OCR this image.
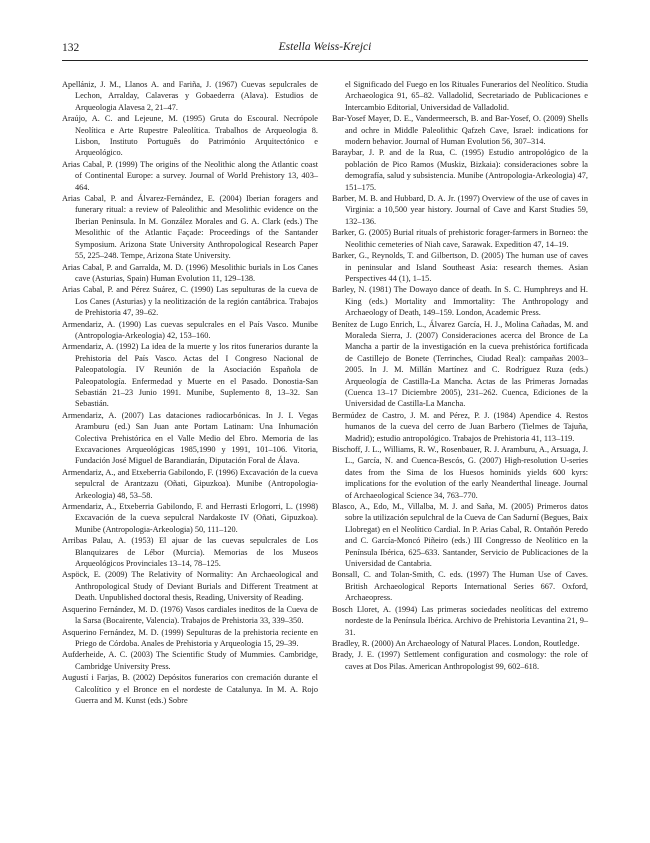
132	Estella Weiss-Krejci

Apellániz, J. M., Llanos A. and Fariña, J. (1967) Cuevas sepulcrales de Lechon, Arralday, Calaveras y Gobaederra (Alava). Estudios de Arqueologia Alavesa 2, 21–47.

Araújo, A. C. and Lejeune, M. (1995) Gruta do Escoural. Necrópole Neolítica e Arte Rupestre Paleolítica. Trabalhos de Arqueologia 8. Lisbon, Instituto Português do Património Arquitectónico e Arqueológico.

Arias Cabal, P. (1999) The origins of the Neolithic along the Atlantic coast of Continental Europe: a survey. Journal of World Prehistory 13, 403–464.

Arias Cabal, P. and Álvarez-Fernández, E. (2004) Iberian foragers and funerary ritual: a review of Paleolithic and Mesolithic evidence on the Iberian Peninsula. In M. González Morales and G. A. Clark (eds.) The Mesolithic of the Atlantic Façade: Proceedings of the Santander Symposium. Arizona State University Anthropological Research Paper 55, 225–248. Tempe, Arizona State University.

Arias Cabal, P. and Garralda, M. D. (1996) Mesolithic burials in Los Canes cave (Asturias, Spain) Human Evolution 11, 129–138.

Arias Cabal, P. and Pérez Suárez, C. (1990) Las sepulturas de la cueva de Los Canes (Asturias) y la neolitización de la región cantábrica. Trabajos de Prehistoria 47, 39–62.

Armendariz, A. (1990) Las cuevas sepulcrales en el País Vasco. Munibe (Antropologia-Arkeologia) 42, 153–160.

Armendariz, A. (1992) La idea de la muerte y los ritos funerarios durante la Prehistoria del País Vasco. Actas del I Congreso Nacional de Paleopatología. IV Reunión de la Asociación Española de Paleopatología. Enfermedad y Muerte en el Pasado. Donostia-San Sebastián 21–23 Junio 1991. Munibe, Suplemento 8, 13–32. San Sebastián.

Armendariz, A. (2007) Las dataciones radiocarbónicas. In J. I. Vegas Aramburu (ed.) San Juan ante Portam Latinam: Una Inhumación Colectiva Prehistórica en el Valle Medio del Ebro. Memoria de las Excavaciones Arqueológicas 1985,1990 y 1991, 101–106. Vitoria, Fundación José Miguel de Barandiarán, Diputación Foral de Álava.

Armendariz, A., and Etxeberria Gabilondo, F. (1996) Excavación de la cueva sepulcral de Arantzazu (Oñati, Gipuzkoa). Munibe (Antropologia-Arkeologia) 48, 53–58.

Armendariz, A., Etxeberria Gabilondo, F. and Herrasti Erlogorri, L. (1998) Excavación de la cueva sepulcral Nardakoste IV (Oñati, Gipuzkoa). Munibe (Antropologia-Arkeologia) 50, 111–120.

Arribas Palau, A. (1953) El ajuar de las cuevas sepulcrales de Los Blanquizares de Lébor (Murcia). Memorias de los Museos Arqueológicos Provinciales 13–14, 78–125.

Aspöck, E. (2009) The Relativity of Normality: An Archaeological and Anthropological Study of Deviant Burials and Different Treatment at Death. Unpublished doctoral thesis, Reading, University of Reading.

Asquerino Fernández, M. D. (1976) Vasos cardiales ineditos de la Cueva de la Sarsa (Bocairente, Valencia). Trabajos de Prehistoria 33, 339–350.

Asquerino Fernández, M. D. (1999) Sepulturas de la prehistoria reciente en Priego de Córdoba. Anales de Prehistoria y Arqueologia 15, 29–39.

Aufderheide, A. C. (2003) The Scientific Study of Mummies. Cambridge, Cambridge University Press.

Augustí i Farjas, B. (2002) Depósitos funerarios con cremación durante el Calcolítico y el Bronce en el nordeste de Catalunya. In M. A. Rojo Guerra and M. Kunst (eds.) Sobre

el Significado del Fuego en los Rituales Funerarios del Neolítico. Studia Archaeologica 91, 65–82. Valladolid, Secretariado de Publicaciones e Intercambio Editorial, Universidad de Valladolid.

Bar-Yosef Mayer, D. E., Vandermeersch, B. and Bar-Yosef, O. (2009) Shells and ochre in Middle Paleolithic Qafzeh Cave, Israel: indications for modern behavior. Journal of Human Evolution 56, 307–314.

Baraybar, J. P. and de la Rua, C. (1995) Estudio antropológico de la población de Pico Ramos (Muskiz, Bizkaia): consideraciones sobre la demografía, salud y subsistencia. Munibe (Antropologia-Arkeologia) 47, 151–175.

Barber, M. B. and Hubbard, D. A. Jr. (1997) Overview of the use of caves in Virginia: a 10,500 year history. Journal of Cave and Karst Studies 59, 132–136.

Barker, G. (2005) Burial rituals of prehistoric forager-farmers in Borneo: the Neolithic cemeteries of Niah cave, Sarawak. Expedition 47, 14–19.

Barker, G., Reynolds, T. and Gilbertson, D. (2005) The human use of caves in peninsular and Island Southeast Asia: research themes. Asian Perspectives 44 (1), 1–15.

Barley, N. (1981) The Dowayo dance of death. In S. C. Humphreys and H. King (eds.) Mortality and Immortality: The Anthropology and Archaeology of Death, 149–159. London, Academic Press.

Benítez de Lugo Enrich, L., Álvarez García, H. J., Molina Cañadas, M. and Moraleda Sierra, J. (2007) Consideraciones acerca del Bronce de La Mancha a partir de la investigación en la cueva prehistórica fortificada de Castillejo de Bonete (Terrinches, Ciudad Real): campañas 2003–2005. In J. M. Millán Martínez and C. Rodríguez Ruza (eds.) Arqueología de Castilla-La Mancha. Actas de las Primeras Jornadas (Cuenca 13–17 Diciembre 2005), 231–262. Cuenca, Ediciones de la Universidad de Castilla-La Mancha.

Bermúdez de Castro, J. M. and Pérez, P. J. (1984) Apendice 4. Restos humanos de la cueva del cerro de Juan Barbero (Tielmes de Tajuña, Madrid); estudio antropológico. Trabajos de Prehistoria 41, 113–119.

Bischoff, J. L., Williams, R. W., Rosenbauer, R. J. Aramburu, A., Arsuaga, J. L., García, N. and Cuenca-Bescós, G. (2007) High-resolution U-series dates from the Sima de los Huesos hominids yields 600 kyrs: implications for the evolution of the early Neanderthal lineage. Journal of Archaeological Science 34, 763–770.

Blasco, A., Edo, M., Villalba, M. J. and Saña, M. (2005) Primeros datos sobre la utilización sepulchral de la Cueva de Can Sadurní (Begues, Baix Llobregat) en el Neolítico Cardial. In P. Arias Cabal, R. Ontañón Peredo and C. García-Moncó Piñeiro (eds.) III Congresso de Neolítico en la Península Ibérica, 625–633. Santander, Servicio de Publicaciones de la Universidad de Cantabria.

Bonsall, C. and Tolan-Smith, C. eds. (1997) The Human Use of Caves. British Archaeological Reports International Series 667. Oxford, Archaeopress.

Bosch Lloret, A. (1994) Las primeras sociedades neolíticas del extremo nordeste de la Península Ibérica. Archivo de Prehistoria Levantina 21, 9–31.

Bradley, R. (2000) An Archaeology of Natural Places. London, Routledge.

Brady, J. E. (1997) Settlement configuration and cosmology: the role of caves at Dos Pilas. American Anthropologist 99, 602–618.
